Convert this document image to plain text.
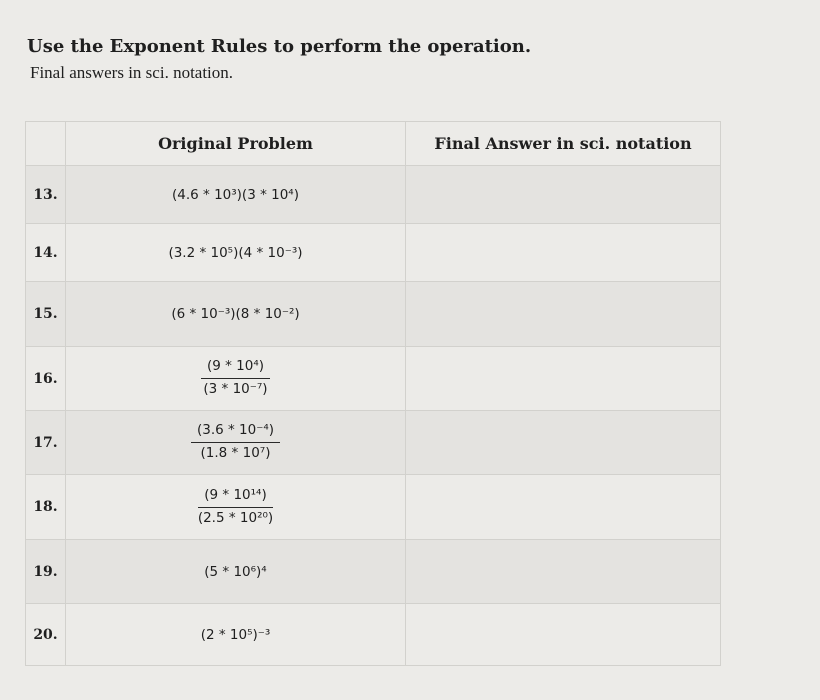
Use the Exponent Rules to perform the operation.

Final answers in sci. notation.

	Original Problem	Final Answer in sci. notation
13.	(4.6 * 10³)(3 * 10⁴)	
14.	(3.2 * 10⁵)(4 * 10⁻³)	
15.	(6 * 10⁻³)(8 * 10⁻²)	
16.	$\frac{\text{(9 * 10⁴)}}{\text{(3 * 10⁻⁷)}}$

17.	$\frac{\text{(3.6 * 10⁻⁴)}}{\text{(1.8 * 10⁷)}}$

18.	$\frac{\text{(9 * 10¹⁴)}}{\text{(2.5 * 10²⁰)}}$

19.	(5 * 10⁶)⁴	
20.	(2 * 10⁵)⁻³	
